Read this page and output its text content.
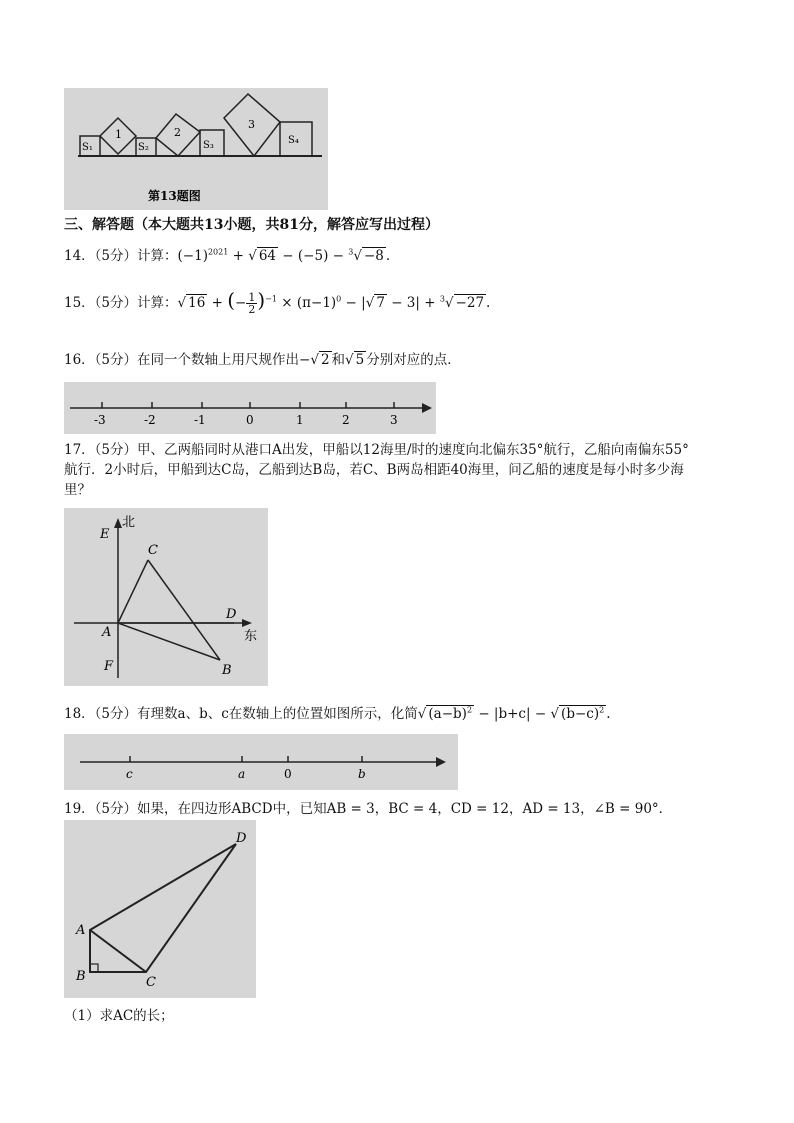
S₁
1
S₂
2
S₃
3
S₄
第13题图
三、解答题（本大题共13小题，共81分，解答应写出过程）
14．（5分）计算：$(-1)^{2021}$ + √ 64 − (−5) − $^3$√ −8 .
15．（5分）计算：√ 16 + (− $\frac{1}{2} )^{-1} \times (\pi-1)^0$ − |√ 7 − 3| + $^3$√ −27 .
16．（5分）在同一个数轴上用尺规作出−√ 2 和√ 5 分别对应的点．
-3	-2	-1	0	1	2	3
17．（5分）甲、乙两船同时从港口A出发，甲船以12海里/时的速度向北偏东35°航行，乙船向南偏东55°
航行．2小时后，甲船到达C岛，乙船到达B岛，若C、B两岛相距40海里，问乙船的速度是每小时多少海
里？
北
东
E
C
D
A
F	B
18．（5分）有理数a、b、c在数轴上的位置如图所示，化简√ $(a-b)^2 - |b+c|$ − √ $(b-c)^2$ .
c	a	0	b
19．（5分）如果，在四边形ABCD中，已知AB = 3，BC = 4，CD = 12，AD = 13，∠B = 90°．
D
A
B	C
（1）求AC的长；
